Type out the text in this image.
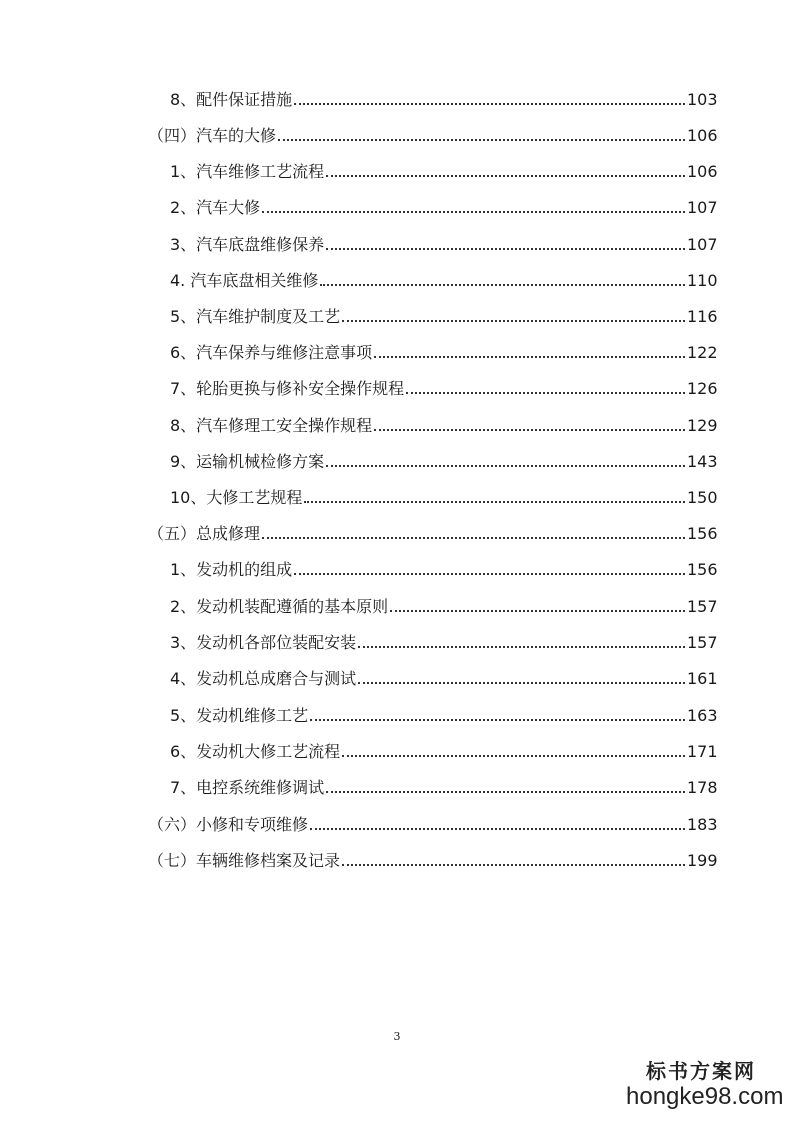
8、配件保证措施	103
（四）汽车的大修	106
1、汽车维修工艺流程	106
2、汽车大修	107
3、汽车底盘维修保养	107
4. 汽车底盘相关维修	110
5、汽车维护制度及工艺	116
6、汽车保养与维修注意事项	122
7、轮胎更换与修补安全操作规程	126
8、汽车修理工安全操作规程	129
9、运输机械检修方案	143
10、大修工艺规程	150
（五）总成修理	156
1、发动机的组成	156
2、发动机装配遵循的基本原则	157
3、发动机各部位装配安装	157
4、发动机总成磨合与测试	161
5、发动机维修工艺	163
6、发动机大修工艺流程	171
7、电控系统维修调试	178
（六）小修和专项维修	183
（七）车辆维修档案及记录	199
3
标书方案网
hongke98.com
